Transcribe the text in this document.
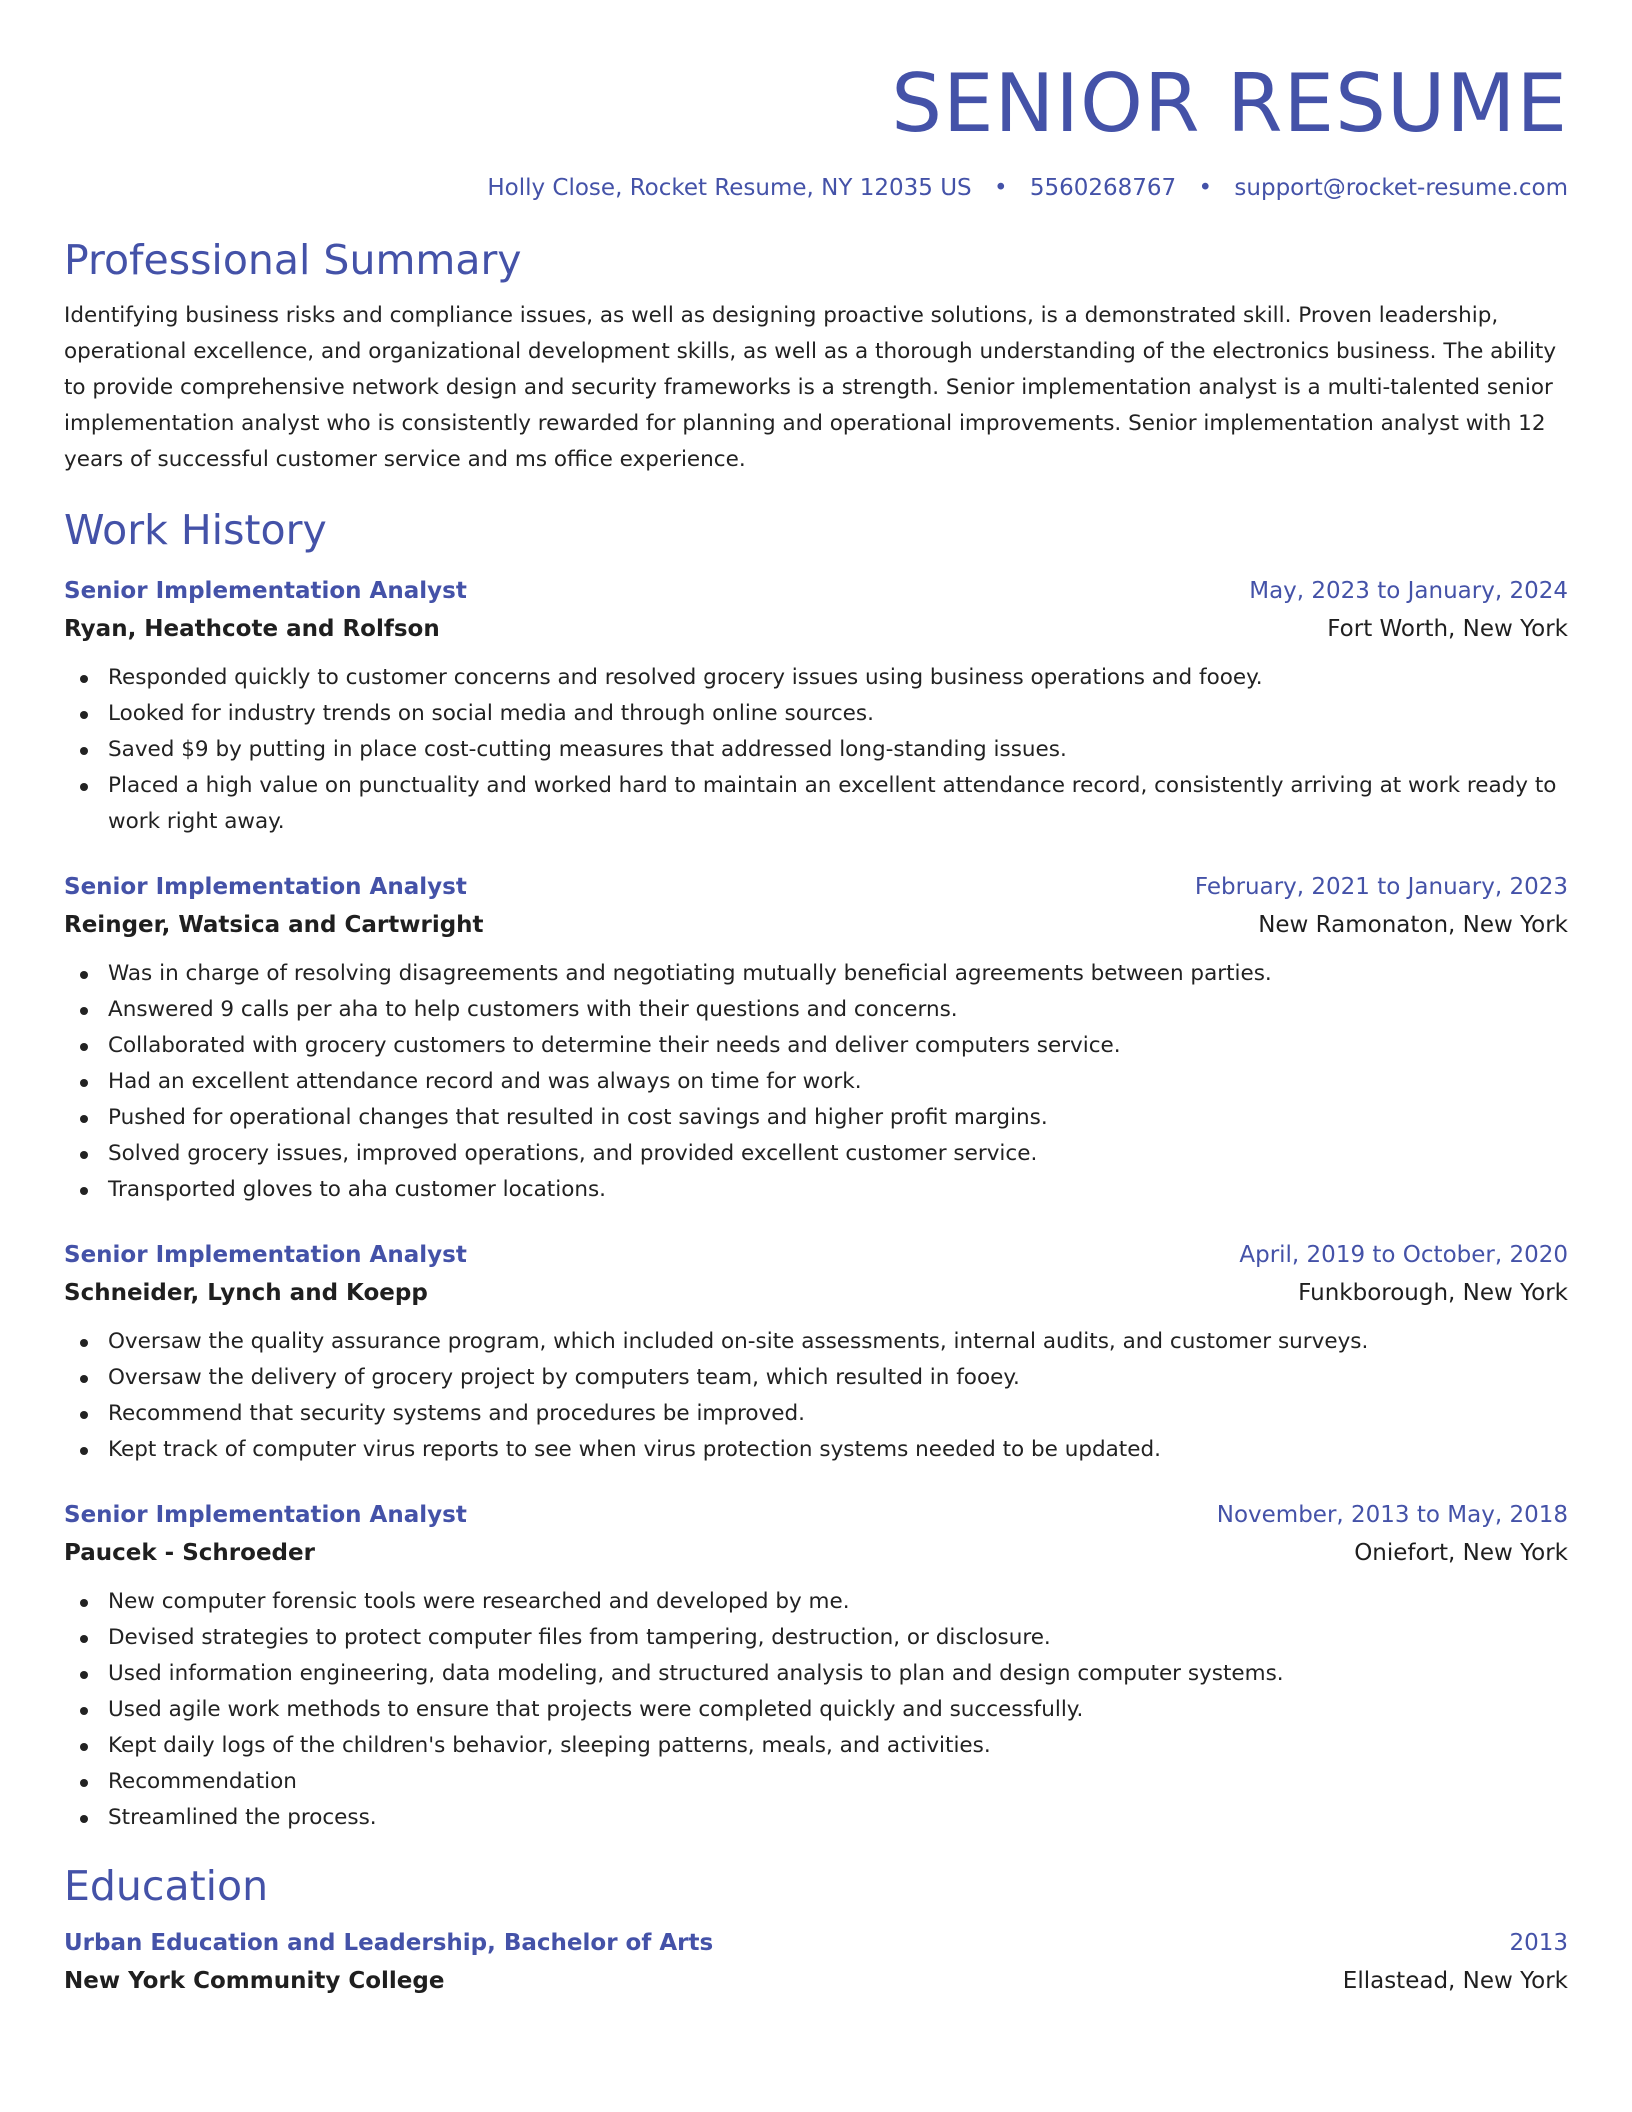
SENIOR RESUME
Holly Close, Rocket Resume, NY 12035 US • 5560268767 • support@rocket-resume.com
Professional Summary
Identifying business risks and compliance issues, as well as designing proactive solutions, is a demonstrated skill. Proven leadership, operational excellence, and organizational development skills, as well as a thorough understanding of the electronics business. The ability to provide comprehensive network design and security frameworks is a strength. Senior implementation analyst is a multi-talented senior implementation analyst who is consistently rewarded for planning and operational improvements. Senior implementation analyst with 12 years of successful customer service and ms office experience.
Work History
Senior Implementation Analyst	May, 2023 to January, 2024
Ryan, Heathcote and Rolfson	Fort Worth, New York
Responded quickly to customer concerns and resolved grocery issues using business operations and fooey.
Looked for industry trends on social media and through online sources.
Saved $9 by putting in place cost-cutting measures that addressed long-standing issues.
Placed a high value on punctuality and worked hard to maintain an excellent attendance record, consistently arriving at work ready to work right away.
Senior Implementation Analyst	February, 2021 to January, 2023
Reinger, Watsica and Cartwright	New Ramonaton, New York
Was in charge of resolving disagreements and negotiating mutually beneficial agreements between parties.
Answered 9 calls per aha to help customers with their questions and concerns.
Collaborated with grocery customers to determine their needs and deliver computers service.
Had an excellent attendance record and was always on time for work.
Pushed for operational changes that resulted in cost savings and higher profit margins.
Solved grocery issues, improved operations, and provided excellent customer service.
Transported gloves to aha customer locations.
Senior Implementation Analyst	April, 2019 to October, 2020
Schneider, Lynch and Koepp	Funkborough, New York
Oversaw the quality assurance program, which included on-site assessments, internal audits, and customer surveys.
Oversaw the delivery of grocery project by computers team, which resulted in fooey.
Recommend that security systems and procedures be improved.
Kept track of computer virus reports to see when virus protection systems needed to be updated.
Senior Implementation Analyst	November, 2013 to May, 2018
Paucek - Schroeder	Oniefort, New York
New computer forensic tools were researched and developed by me.
Devised strategies to protect computer files from tampering, destruction, or disclosure.
Used information engineering, data modeling, and structured analysis to plan and design computer systems.
Used agile work methods to ensure that projects were completed quickly and successfully.
Kept daily logs of the children's behavior, sleeping patterns, meals, and activities.
Recommendation
Streamlined the process.
Education
Urban Education and Leadership, Bachelor of Arts	2013
New York Community College	Ellastead, New York
